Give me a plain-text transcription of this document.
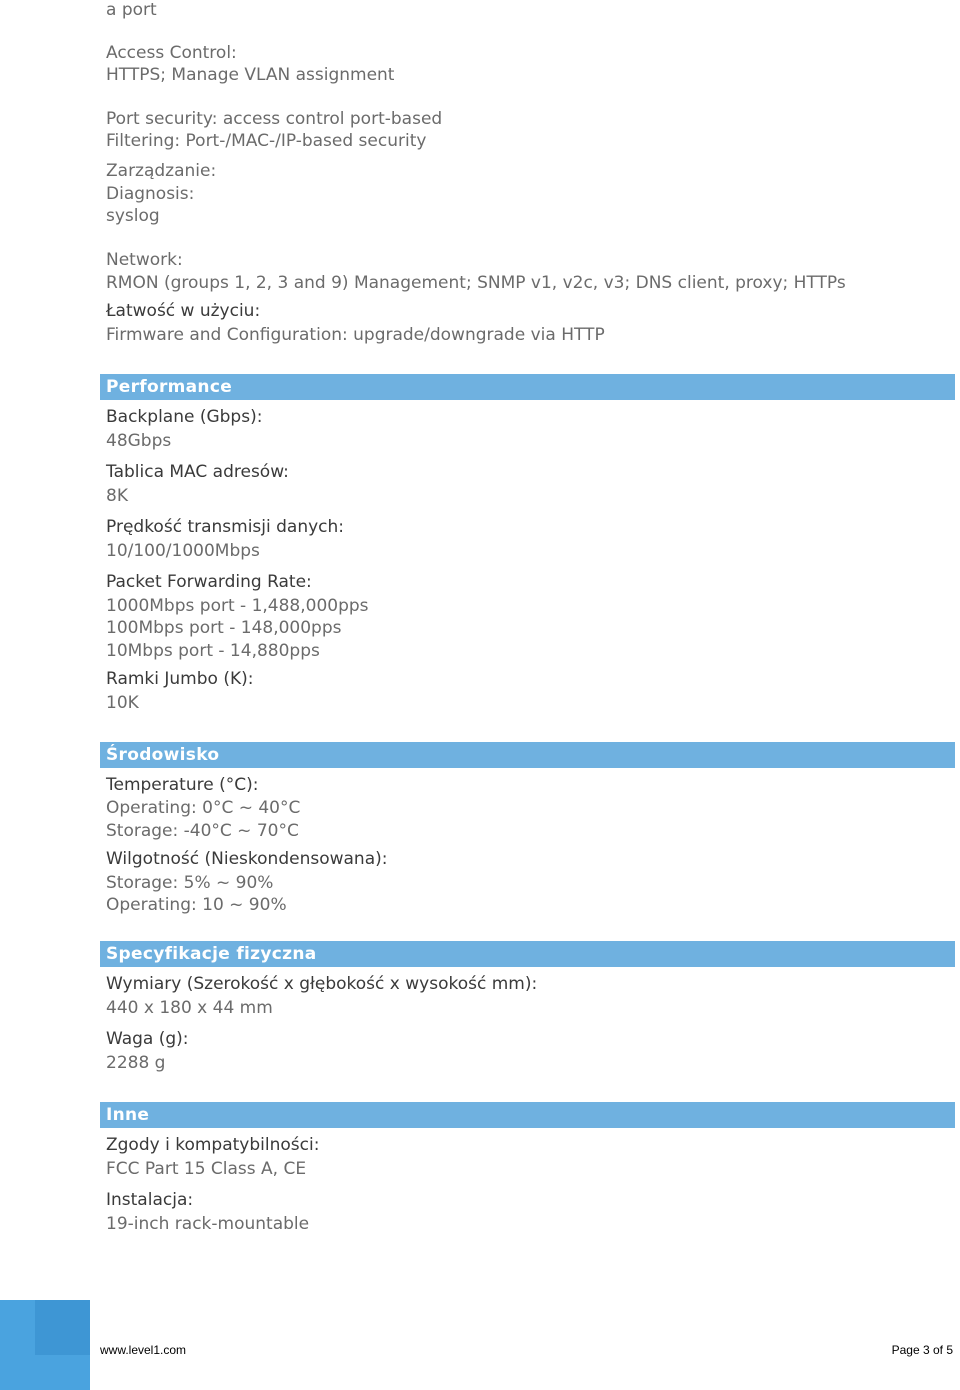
a port
Access Control:
HTTPS; Manage VLAN assignment
Port security: access control port-based
Filtering: Port-/MAC-/IP-based security
Zarządzanie:
Diagnosis:
syslog
Network:
RMON (groups 1, 2, 3 and 9) Management; SNMP v1, v2c, v3; DNS client, proxy; HTTPs
Łatwość w użyciu:
Firmware and Configuration: upgrade/downgrade via HTTP
Performance
Backplane (Gbps):
48Gbps
Tablica MAC adresów:
8K
Prędkość transmisji danych:
10/100/1000Mbps
Packet Forwarding Rate:
1000Mbps port - 1,488,000pps
100Mbps port - 148,000pps
10Mbps port - 14,880pps
Ramki Jumbo (K):
10K
Środowisko
Temperature (°C):
Operating: 0°C ~ 40°C
Storage: -40°C ~ 70°C
Wilgotność (Nieskondensowana):
Storage: 5% ~ 90%
Operating: 10 ~ 90%
Specyfikacje fizyczna
Wymiary (Szerokość x głębokość x wysokość mm):
440 x 180 x 44 mm
Waga (g):
2288 g
Inne
Zgody i kompatybilności:
FCC Part 15 Class A, CE
Instalacja:
19-inch rack-mountable
www.level1.com	Page 3 of 5
